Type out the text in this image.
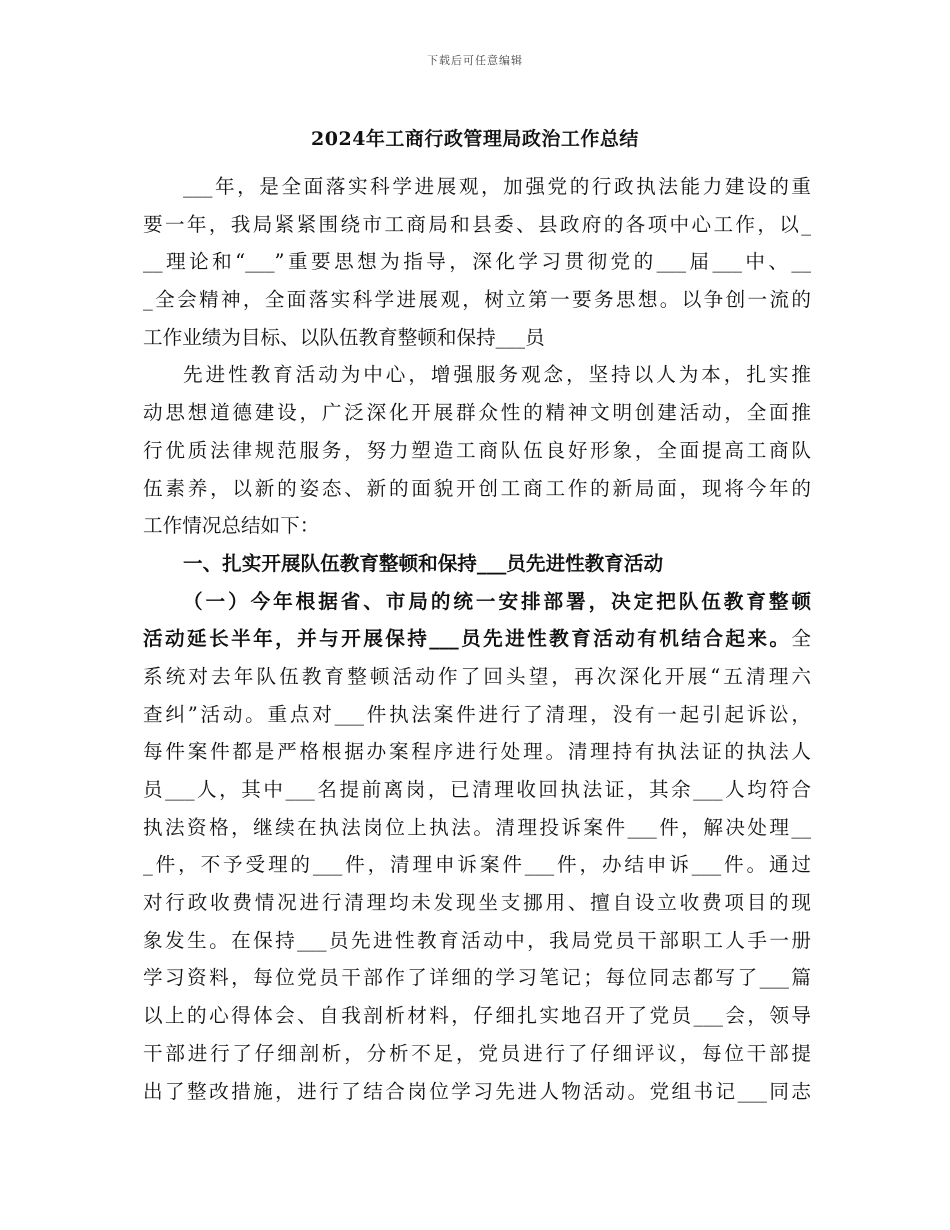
下载后可任意编辑
2024年工商行政管理局政治工作总结
___年，是全面落实科学进展观，加强党的行政执法能力建设的重
要一年，我局紧紧围绕市工商局和县委、县政府的各项中心工作，以_
__理论和“___”重要思想为指导，深化学习贯彻党的___届___中、__
_全会精神，全面落实科学进展观，树立第一要务思想。以争创一流的
工作业绩为目标、以队伍教育整顿和保持___员
先进性教育活动为中心，增强服务观念，坚持以人为本，扎实推
动思想道德建设，广泛深化开展群众性的精神文明创建活动，全面推
行优质法律规范服务，努力塑造工商队伍良好形象，全面提高工商队
伍素养，以新的姿态、新的面貌开创工商工作的新局面，现将今年的
工作情况总结如下：
一、扎实开展队伍教育整顿和保持___员先进性教育活动
（一）今年根据省、市局的统一安排部署，决定把队伍教育整顿
活动延长半年，并与开展保持___员先进性教育活动有机结合起来。全
系统对去年队伍教育整顿活动作了回头望，再次深化开展“五清理六
查纠”活动。重点对___件执法案件进行了清理，没有一起引起诉讼，
每件案件都是严格根据办案程序进行处理。清理持有执法证的执法人
员___人，其中___名提前离岗，已清理收回执法证，其余___人均符合
执法资格，继续在执法岗位上执法。清理投诉案件___件，解决处理__
_件，不予受理的___件，清理申诉案件___件，办结申诉___件。通过
对行政收费情况进行清理均未发现坐支挪用、擅自设立收费项目的现
象发生。在保持___员先进性教育活动中，我局党员干部职工人手一册
学习资料，每位党员干部作了详细的学习笔记；每位同志都写了___篇
以上的心得体会、自我剖析材料，仔细扎实地召开了党员___会，领导
干部进行了仔细剖析，分析不足，党员进行了仔细评议，每位干部提
出了整改措施，进行了结合岗位学习先进人物活动。党组书记___同志
